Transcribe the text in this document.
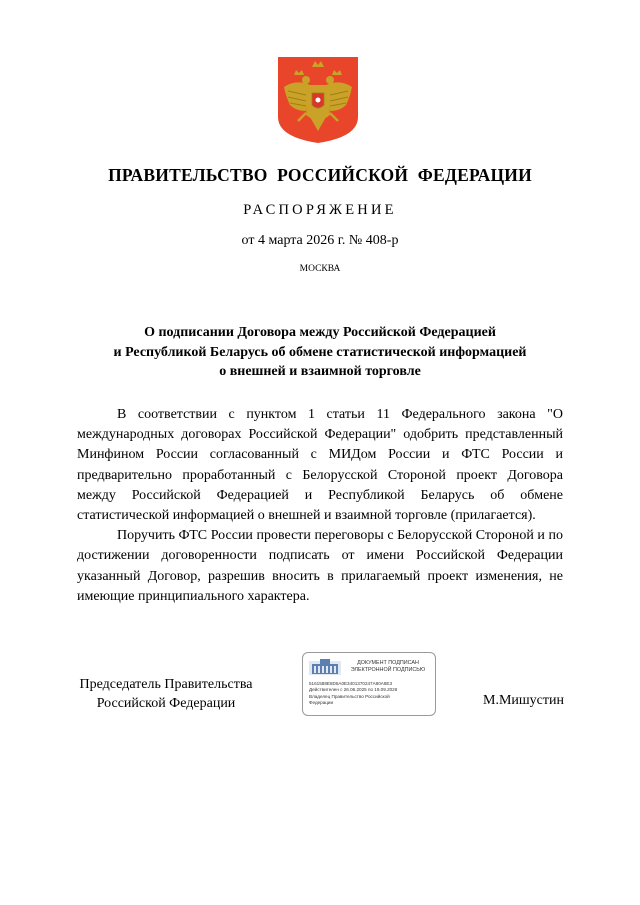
ПРАВИТЕЛЬСТВО РОССИЙСКОЙ ФЕДЕРАЦИИ
РАСПОРЯЖЕНИЕ
от 4 марта 2026 г. № 408-р
МОСКВА
О подписании Договора между Российской Федерацией
и Республикой Беларусь об обмене статистической информацией
о внешней и взаимной торговле

В соответствии с пунктом 1 статьи 11 Федерального закона "О международных договорах Российской Федерации" одобрить представленный Минфином России согласованный с МИДом России и ФТС России и предварительно проработанный с Белорусской Стороной проект Договора между Российской Федерацией и Республикой Беларусь об обмене статистической информацией о внешней и взаимной торговле (прилагается).

Поручить ФТС России провести переговоры с Белорусской Стороной и по достижении договоренности подписать от имени Российской Федерации указанный Договор, разрешив вносить в прилагаемый проект изменения, не имеющие принципиального характера.

Председатель Правительства
Российской Федерации
ДОКУМЕНТ ПОДПИСАН
ЭЛЕКТРОННОЙ ПОДПИСЬЮ
5161588E8D5A0E3401370247A80A8E3
Действителен с 26.06.2025 по 19.09.2026
Владелец Правительство Российской
Федерации	М.Мишустин
